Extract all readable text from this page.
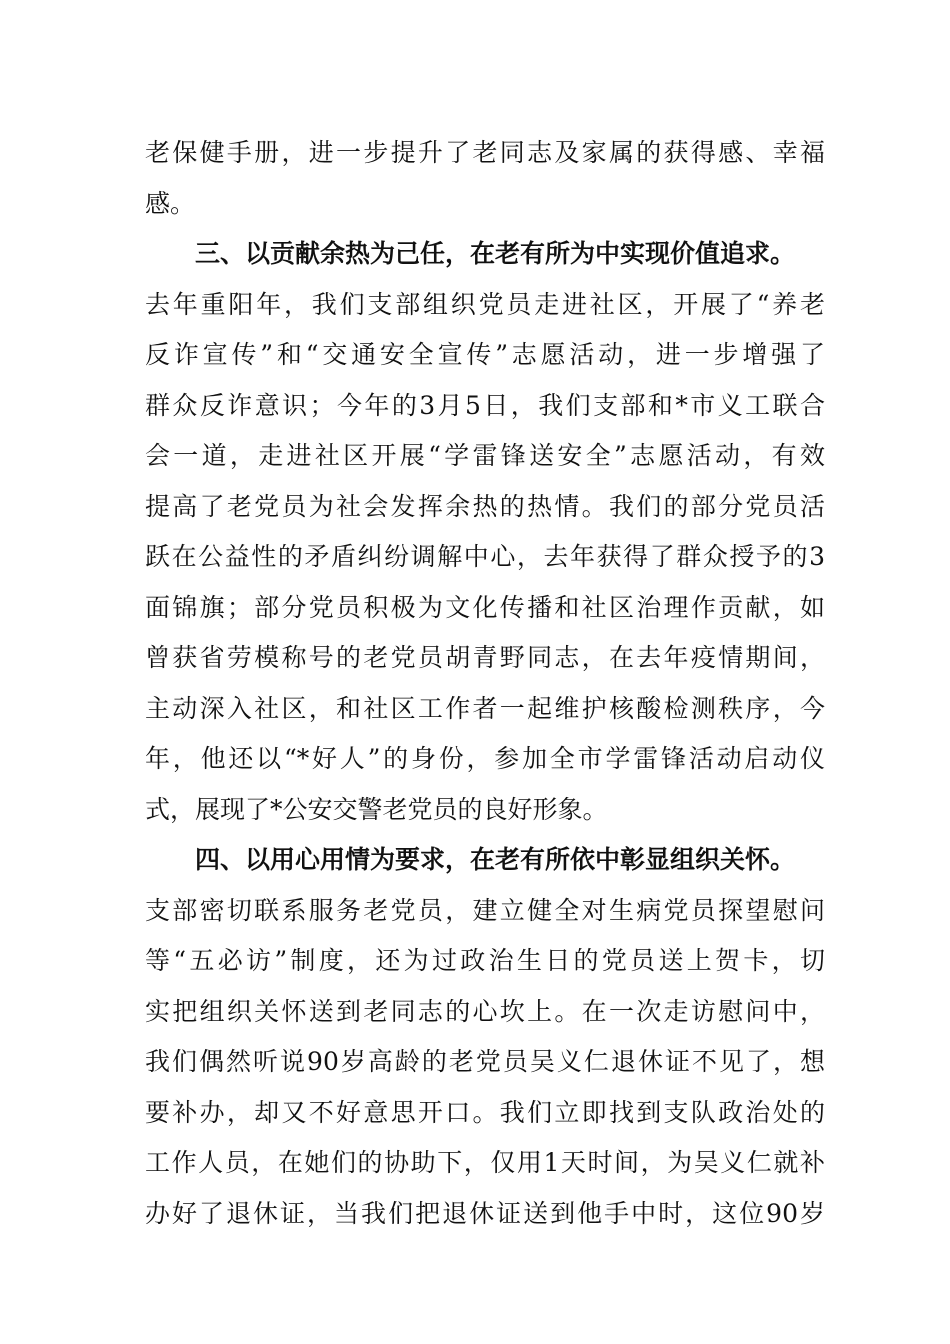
老保健手册，进一步提升了老同志及家属的获得感、幸福
感。
三、以贡献余热为己任，在老有所为中实现价值追求。
去年重阳年，我们支部组织党员走进社区，开展了“养老
反诈宣传”和“交通安全宣传”志愿活动，进一步增强了
群众反诈意识；今年的3月5日，我们支部和*市义工联合
会一道，走进社区开展“学雷锋送安全”志愿活动，有效
提高了老党员为社会发挥余热的热情。我们的部分党员活
跃在公益性的矛盾纠纷调解中心，去年获得了群众授予的3
面锦旗；部分党员积极为文化传播和社区治理作贡献，如
曾获省劳模称号的老党员胡青野同志，在去年疫情期间，
主动深入社区，和社区工作者一起维护核酸检测秩序，今
年，他还以“*好人”的身份，参加全市学雷锋活动启动仪
式，展现了*公安交警老党员的良好形象。
四、以用心用情为要求，在老有所依中彰显组织关怀。
支部密切联系服务老党员，建立健全对生病党员探望慰问
等“五必访”制度，还为过政治生日的党员送上贺卡，切
实把组织关怀送到老同志的心坎上。在一次走访慰问中，
我们偶然听说90岁高龄的老党员吴义仁退休证不见了，想
要补办，却又不好意思开口。我们立即找到支队政治处的
工作人员，在她们的协助下，仅用1天时间，为吴义仁就补
办好了退休证，当我们把退休证送到他手中时，这位90岁
